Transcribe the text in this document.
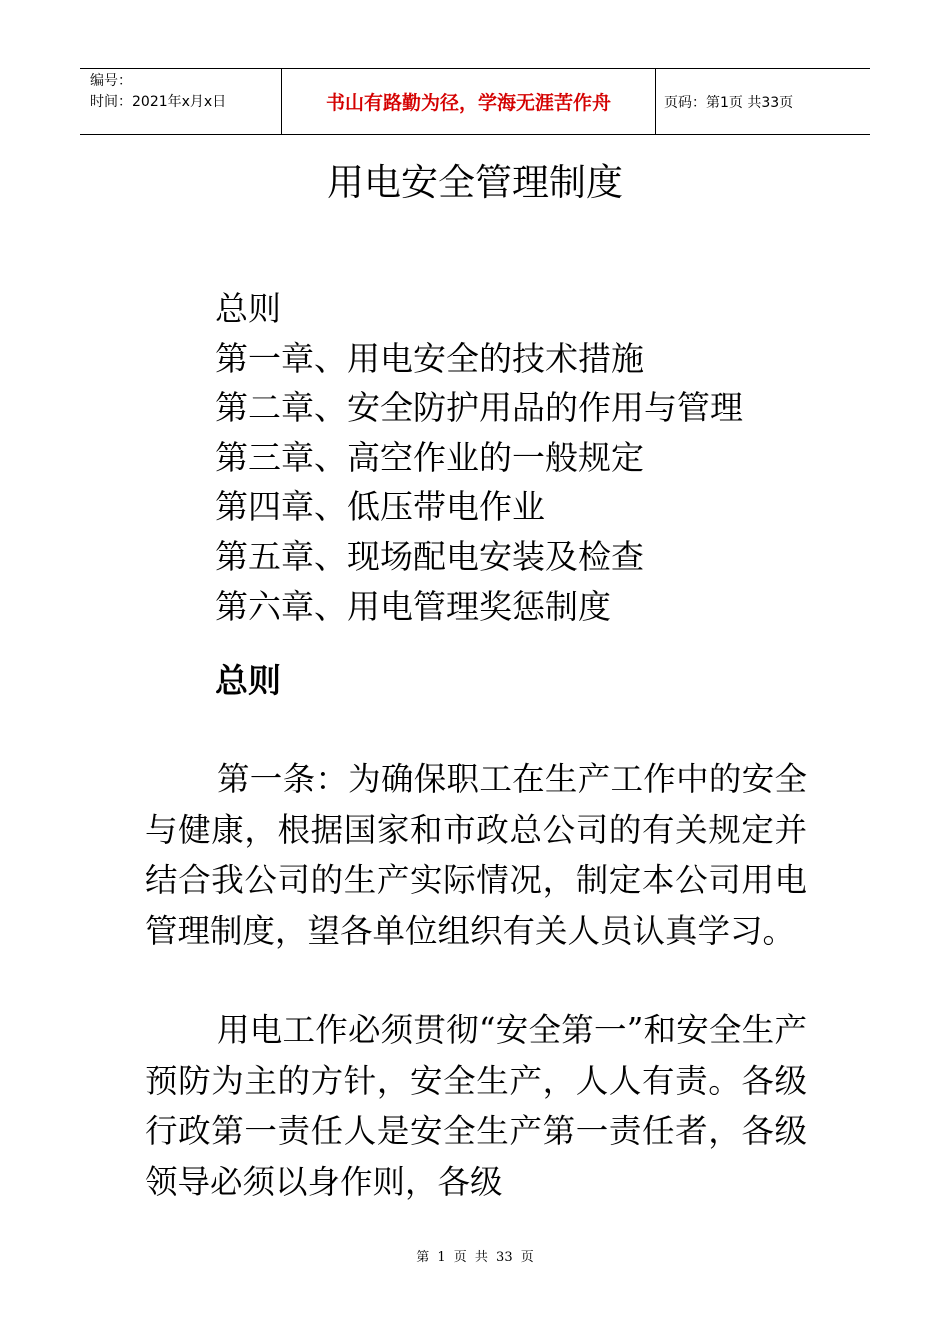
编号：
时间：2021年x月x日	书山有路勤为径，学海无涯苦作舟	页码：第1页 共33页
用电安全管理制度
总则
第一章、用电安全的技术措施
第二章、安全防护用品的作用与管理
第三章、高空作业的一般规定
第四章、低压带电作业
第五章、现场配电安装及检查
第六章、用电管理奖惩制度
总则

第一条：为确保职工在生产工作中的安全与健康，根据国家和市政总公司的有关规定并结合我公司的生产实际情况，制定本公司用电管理制度，望各单位组织有关人员认真学习。

用电工作必须贯彻“安全第一”和安全生产预防为主的方针，安全生产，人人有责。各级行政第一责任人是安全生产第一责任者，各级领导必须以身作则，各级

第 1 页 共 33 页
